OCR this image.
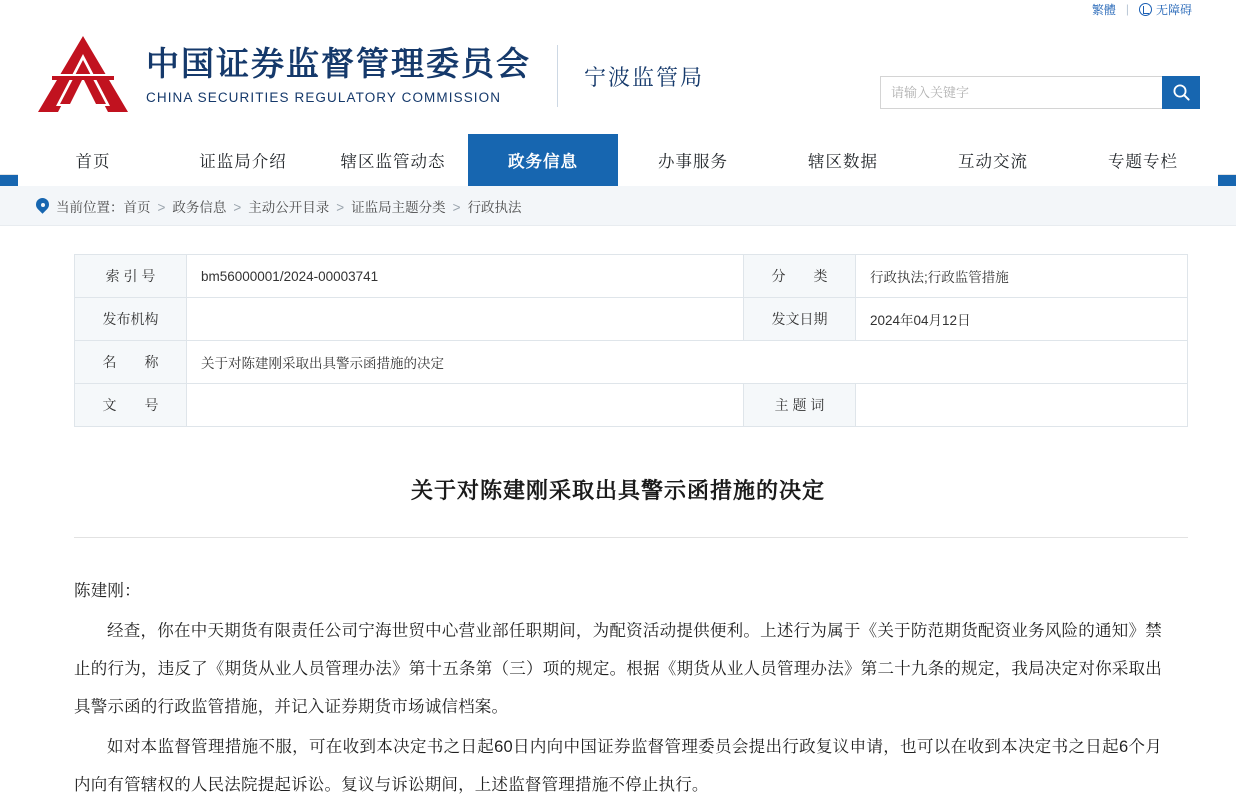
繁體 | 无障碍
中国证券监督管理委员会
CHINA SECURITIES REGULATORY COMMISSION
宁波监管局
请输入关键字
首页	证监局介绍	辖区监管动态	政务信息	办事服务	辖区数据	互动交流	专题专栏
当前位置： 首页 > 政务信息 > 主动公开目录 > 证监局主题分类 > 行政执法
索 引 号	bm56000001/2024-00003741	分　　类	行政执法;行政监管措施
发布机构		发文日期	2024年04月12日
名　　称	关于对陈建刚采取出具警示函措施的决定		
文　　号		主 题 词	
关于对陈建刚采取出具警示函措施的决定

陈建刚：

经查，你在中天期货有限责任公司宁海世贸中心营业部任职期间，为配资活动提供便利。上述行为属于《关于防范期货配资业务风险的通知》禁止的行为，违反了《期货从业人员管理办法》第十五条第（三）项的规定。根据《期货从业人员管理办法》第二十九条的规定，我局决定对你采取出具警示函的行政监管措施，并记入证券期货市场诚信档案。

如对本监督管理措施不服，可在收到本决定书之日起60日内向中国证券监督管理委员会提出行政复议申请，也可以在收到本决定书之日起6个月内向有管辖权的人民法院提起诉讼。复议与诉讼期间，上述监督管理措施不停止执行。
